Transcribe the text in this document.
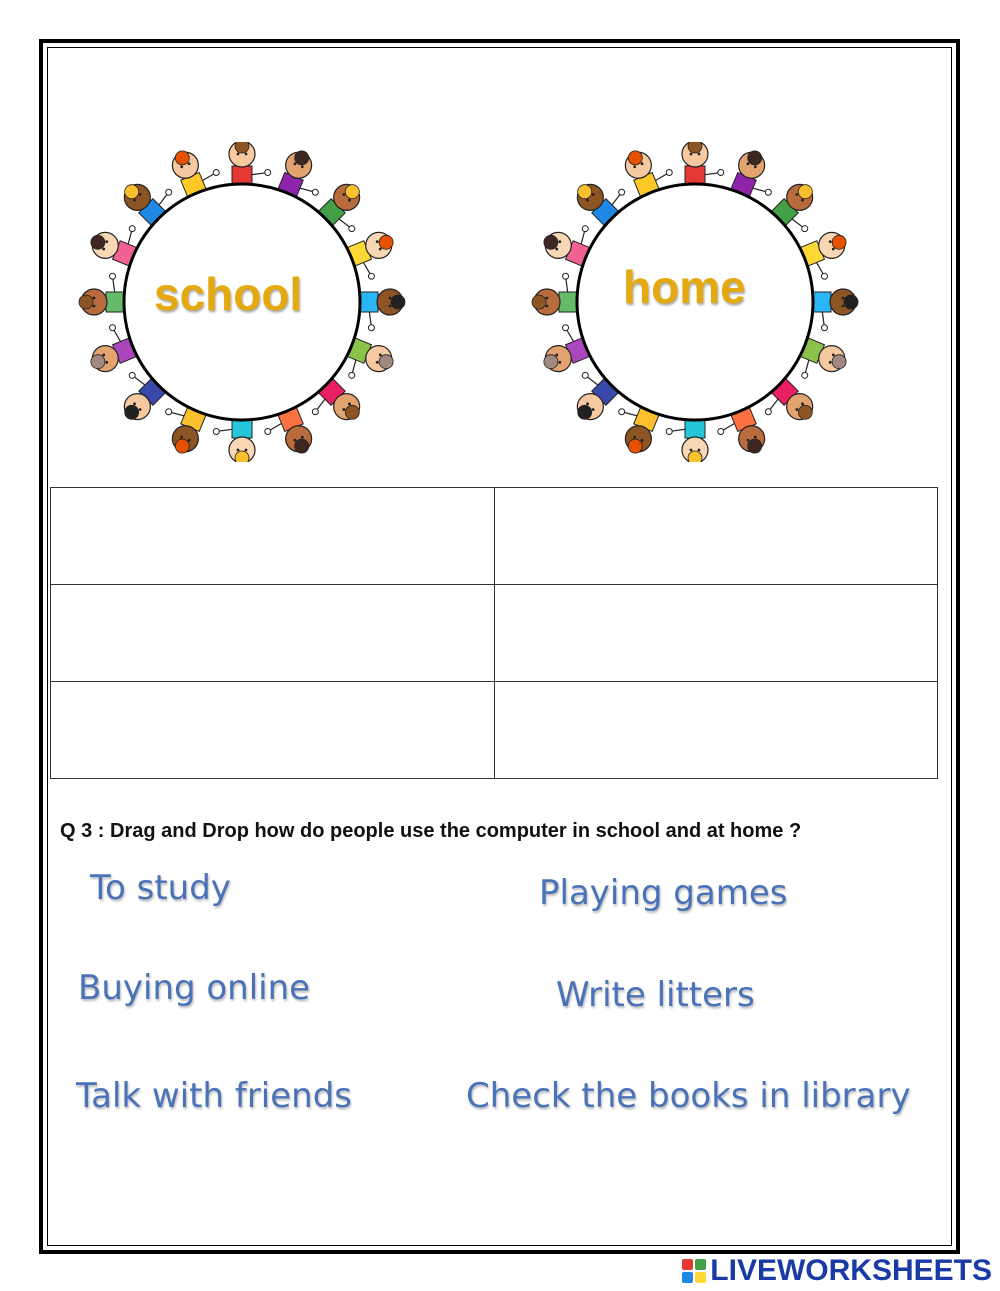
school	home

Q 3 : Drag and Drop how do people use the computer in school and at home ?
To study	Playing games
Buying online	Write litters
Talk with friends	Check the books in library
LIVEWORKSHEETS
